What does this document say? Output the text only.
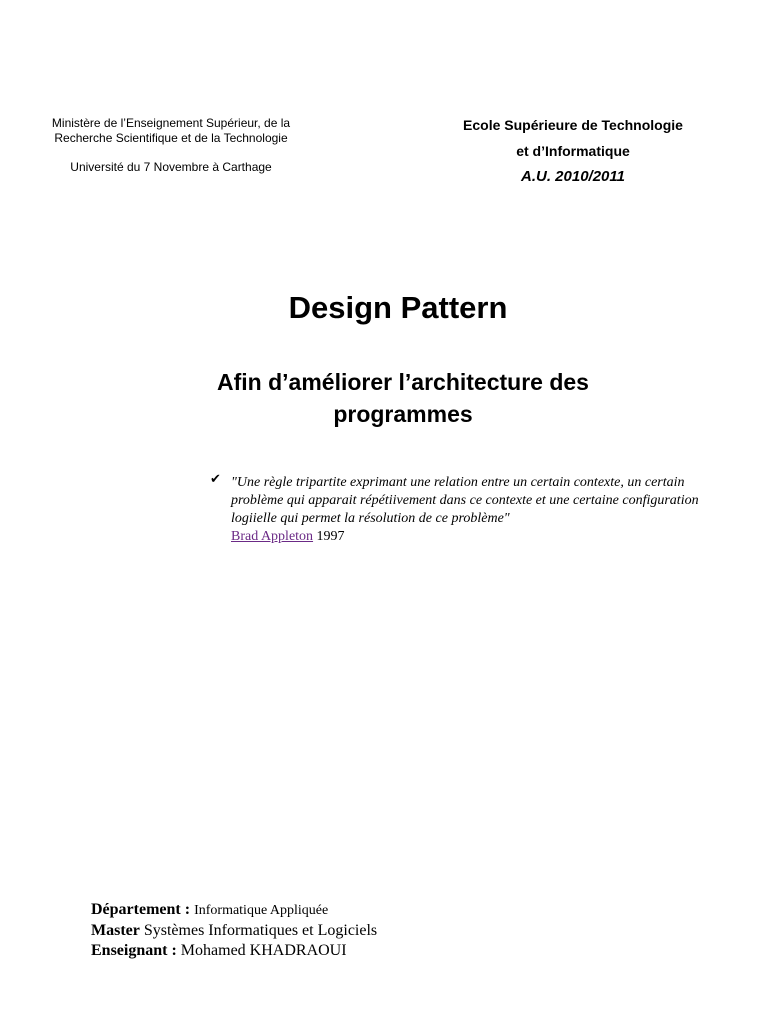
Ministère de l’Enseignement Supérieur, de la Recherche Scientifique et de la Technologie
Université du 7 Novembre à Carthage
Ecole Supérieure de Technologie
et d’Informatique
A.U. 2010/2011
Design Pattern
Afin d’améliorer l’architecture des programmes
✔ "Une règle tripartite exprimant une relation entre un certain contexte, un certain problème qui apparait répétiivement dans ce contexte et une certaine configuration logiielle qui permet la résolution de ce problème"
Brad Appleton 1997
Département : Informatique Appliquée
Master Systèmes Informatiques et Logiciels
Enseignant : Mohamed KHADRAOUI
